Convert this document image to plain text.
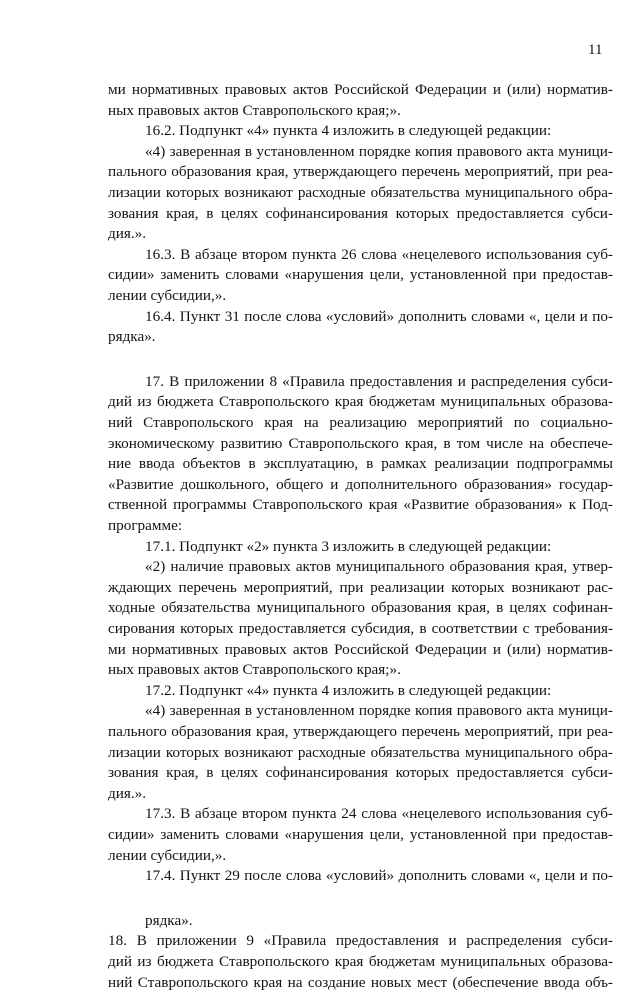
11
ми нормативных правовых актов Российской Федерации и (или) норматив-
ных правовых актов Ставропольского края;».
16.2. Подпункт «4» пункта 4 изложить в следующей редакции:
«4) заверенная в установленном порядке копия правового акта муници-
пального образования края, утверждающего перечень мероприятий, при реа-
лизации которых возникают расходные обязательства муниципального обра-
зования края, в целях софинансирования которых предоставляется субси-
дия.».
16.3. В абзаце втором пункта 26 слова «нецелевого использования суб-
сидии» заменить словами «нарушения цели, установленной при предостав-
лении субсидии,».
16.4. Пункт 31 после слова «условий» дополнить словами «, цели и по-
рядка».
17. В приложении 8 «Правила предоставления и распределения субси-
дий из бюджета Ставропольского края бюджетам муниципальных образова-
ний Ставропольского края на реализацию мероприятий по социально-
экономическому развитию Ставропольского края, в том числе на обеспече-
ние ввода объектов в эксплуатацию, в рамках реализации подпрограммы
«Развитие дошкольного, общего и дополнительного образования» государ-
ственной программы Ставропольского края «Развитие образования» к Под-
программе:
17.1. Подпункт «2» пункта 3 изложить в следующей редакции:
«2) наличие правовых актов муниципального образования края, утвер-
ждающих перечень мероприятий, при реализации которых возникают рас-
ходные обязательства муниципального образования края, в целях софинан-
сирования которых предоставляется субсидия, в соответствии с требования-
ми нормативных правовых актов Российской Федерации и (или) норматив-
ных правовых актов Ставропольского края;».
17.2. Подпункт «4» пункта 4 изложить в следующей редакции:
«4) заверенная в установленном порядке копия правового акта муници-
пального образования края, утверждающего перечень мероприятий, при реа-
лизации которых возникают расходные обязательства муниципального обра-
зования края, в целях софинансирования которых предоставляется субси-
дия.».
17.3. В абзаце втором пункта 24 слова «нецелевого использования суб-
сидии» заменить словами «нарушения цели, установленной при предостав-
лении субсидии,».
17.4. Пункт 29 после слова «условий» дополнить словами «, цели и по-
рядка».
18. В приложении 9 «Правила предоставления и распределения субси-
дий из бюджета Ставропольского края бюджетам муниципальных образова-
ний Ставропольского края на создание новых мест (обеспечение ввода объ-
